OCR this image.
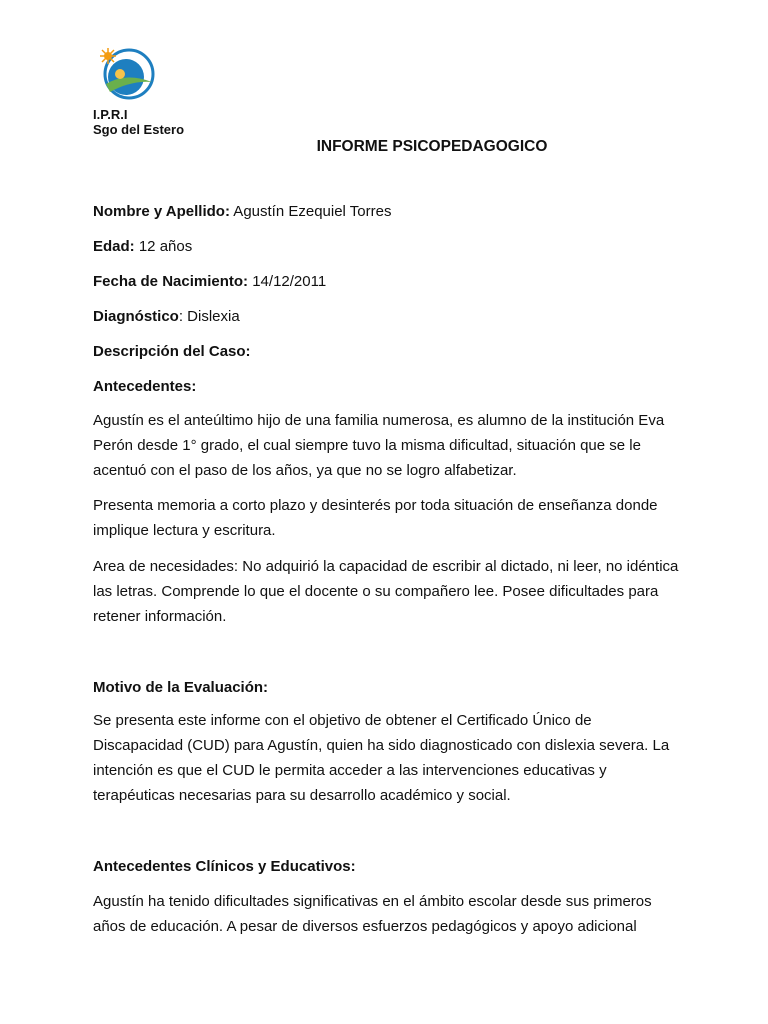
I.P.R.I
Sgo del Estero
INFORME PSICOPEDAGOGICO
Nombre y Apellido: Agustín Ezequiel Torres
Edad: 12 años
Fecha de Nacimiento: 14/12/2011
Diagnóstico: Dislexia
Descripción del Caso:
Antecedentes:
Agustín es el anteúltimo hijo de una familia numerosa, es alumno de la institución Eva Perón desde 1° grado, el cual siempre tuvo la misma dificultad, situación que se le acentuó con el paso de los años, ya que no se logro alfabetizar.
Presenta memoria a corto plazo y desinterés por toda situación de enseñanza donde implique lectura y escritura.
Area de necesidades: No adquirió la capacidad de escribir al dictado, ni leer, no idéntica las letras. Comprende lo que el docente o su compañero lee. Posee dificultades para retener información.
Motivo de la Evaluación:
Se presenta este informe con el objetivo de obtener el Certificado Único de Discapacidad (CUD) para Agustín, quien ha sido diagnosticado con dislexia severa. La intención es que el CUD le permita acceder a las intervenciones educativas y terapéuticas necesarias para su desarrollo académico y social.
Antecedentes Clínicos y Educativos:
Agustín ha tenido dificultades significativas en el ámbito escolar desde sus primeros años de educación. A pesar de diversos esfuerzos pedagógicos y apoyo adicional
